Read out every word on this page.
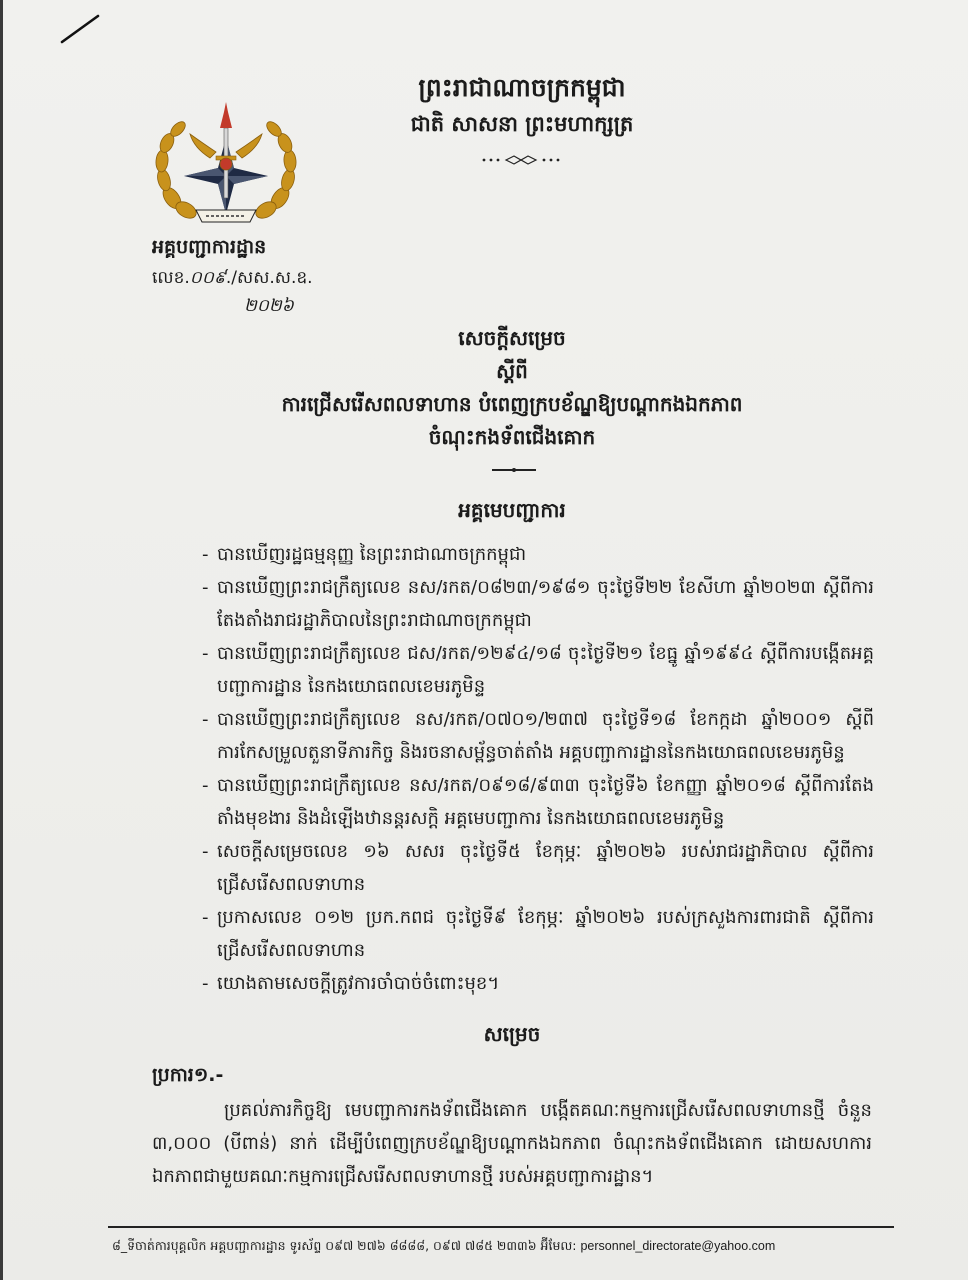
ព្រះរាជាណាចក្រកម្ពុជា
ជាតិ សាសនា ព្រះមហាក្សត្រ
អគ្គបញ្ជាការដ្ឋាន
លេខ.០០៩./សស.ស.ឧ.
២០២៦
សេចក្តីសម្រេច
ស្តីពី
ការជ្រើសរើសពលទាហាន បំពេញក្របខ័ណ្ឌឱ្យបណ្តាកងឯកភាព
ចំណុះកងទ័ពជើងគោក
អគ្គមេបញ្ជាការ
- បានឃើញរដ្ឋធម្មនុញ្ញ នៃព្រះរាជាណាចក្រកម្ពុជា
- បានឃើញព្រះរាជក្រឹត្យលេខ នស/រកត/០៨២៣/១៩៨១ ចុះថ្ងៃទី២២ ខែសីហា ឆ្នាំ២០២៣ ស្តីពីការតែងតាំងរាជរដ្ឋាភិបាលនៃព្រះរាជាណាចក្រកម្ពុជា
- បានឃើញព្រះរាជក្រឹត្យលេខ ជស/រកត/១២៩៤/១៨ ចុះថ្ងៃទី២១ ខែធ្នូ ឆ្នាំ១៩៩៤ ស្តីពីការបង្កើតអគ្គបញ្ជាការដ្ឋាន នៃកងយោធពលខេមរភូមិន្ទ
- បានឃើញព្រះរាជក្រឹត្យលេខ នស/រកត/០៧០១/២៣៧ ចុះថ្ងៃទី១៨ ខែកក្កដា ឆ្នាំ២០០១ ស្តីពីការកែសម្រួលតួនាទីភារកិច្ច និងរចនាសម្ព័ន្ធចាត់តាំង អគ្គបញ្ជាការដ្ឋាននៃកងយោធពលខេមរភូមិន្ទ
- បានឃើញព្រះរាជក្រឹត្យលេខ នស/រកត/០៩១៨/៩៣៣ ចុះថ្ងៃទី៦ ខែកញ្ញា ឆ្នាំ២០១៨ ស្តីពីការតែងតាំងមុខងារ និងដំឡើងឋានន្តរសក្តិ អគ្គមេបញ្ជាការ នៃកងយោធពលខេមរភូមិន្ទ
- សេចក្តីសម្រេចលេខ ១៦ សសរ ចុះថ្ងៃទី៥ ខែកុម្ភៈ ឆ្នាំ២០២៦ របស់រាជរដ្ឋាភិបាល ស្តីពីការជ្រើសរើសពលទាហាន
- ប្រកាសលេខ ០១២ ប្រក.កពជ ចុះថ្ងៃទី៩ ខែកុម្ភៈ ឆ្នាំ២០២៦ របស់ក្រសួងការពារជាតិ ស្តីពីការជ្រើសរើសពលទាហាន
- យោងតាមសេចក្តីត្រូវការចាំបាច់ចំពោះមុខ។
សម្រេច
ប្រការ១.-
ប្រគល់ភារកិច្ចឱ្យ មេបញ្ជាការកងទ័ពជើងគោក បង្កើតគណៈកម្មការជ្រើសរើសពលទាហានថ្មី ចំនួន ៣,០០០ (បីពាន់) នាក់ ដើម្បីបំពេញក្របខ័ណ្ឌឱ្យបណ្តាកងឯកភាព ចំណុះកងទ័ពជើងគោក ដោយសហការឯកភាពជាមួយគណៈកម្មការជ្រើសរើសពលទាហានថ្មី របស់អគ្គបញ្ជាការដ្ឋាន។
៨_ទីចាត់ការបុគ្គលិក អគ្គបញ្ជាការដ្ឋាន ទូរស័ព្ទ ០៩៧ ២៧៦ ៨៨៨៨, ០៩៧ ៧៨៥ ២៣៣៦ អ៊ីមែល: personnel_directorate@yahoo.com
